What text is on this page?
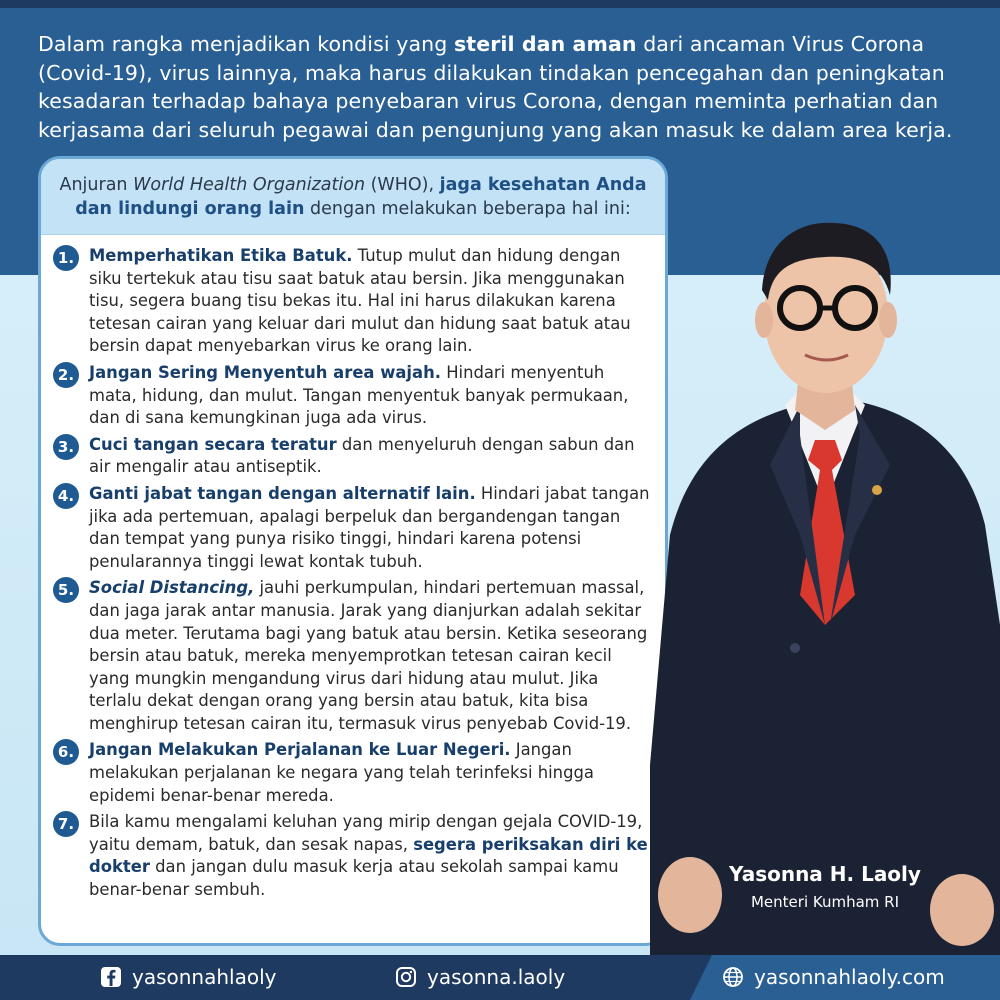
Dalam rangka menjadikan kondisi yang steril dan aman dari ancaman Virus Corona (Covid-19), virus lainnya, maka harus dilakukan tindakan pencegahan dan peningkatan kesadaran terhadap bahaya penyebaran virus Corona, dengan meminta perhatian dan kerjasama dari seluruh pegawai dan pengunjung yang akan masuk ke dalam area kerja.

Anjuran World Health Organization (WHO), jaga kesehatan Anda dan lindungi orang lain dengan melakukan beberapa hal ini:
1. Memperhatikan Etika Batuk. Tutup mulut dan hidung dengan siku tertekuk atau tisu saat batuk atau bersin. Jika menggunakan tisu, segera buang tisu bekas itu. Hal ini harus dilakukan karena tetesan cairan yang keluar dari mulut dan hidung saat batuk atau bersin dapat menyebarkan virus ke orang lain.

2. Jangan Sering Menyentuh area wajah. Hindari menyentuh mata, hidung, dan mulut. Tangan menyentuk banyak permukaan, dan di sana kemungkinan juga ada virus.

3. Cuci tangan secara teratur dan menyeluruh dengan sabun dan air mengalir atau antiseptik.

4. Ganti jabat tangan dengan alternatif lain. Hindari jabat tangan jika ada pertemuan, apalagi berpeluk dan bergandengan tangan dan tempat yang punya risiko tinggi, hindari karena potensi penularannya tinggi lewat kontak tubuh.

5. Social Distancing, jauhi perkumpulan, hindari pertemuan massal, dan jaga jarak antar manusia. Jarak yang dianjurkan adalah sekitar dua meter. Terutama bagi yang batuk atau bersin. Ketika seseorang bersin atau batuk, mereka menyemprotkan tetesan cairan kecil yang mungkin mengandung virus dari hidung atau mulut. Jika terlalu dekat dengan orang yang bersin atau batuk, kita bisa menghirup tetesan cairan itu, termasuk virus penyebab Covid-19.

6. Jangan Melakukan Perjalanan ke Luar Negeri. Jangan melakukan perjalanan ke negara yang telah terinfeksi hingga epidemi benar-benar mereda.

7. Bila kamu mengalami keluhan yang mirip dengan gejala COVID-19, yaitu demam, batuk, dan sesak napas, segera periksakan diri ke dokter dan jangan dulu masuk kerja atau sekolah sampai kamu benar-benar sembuh.

Yasonna H. Laoly
Menteri Kumham RI
yasonnahlaoly	yasonna.laoly	yasonnahlaoly.com
